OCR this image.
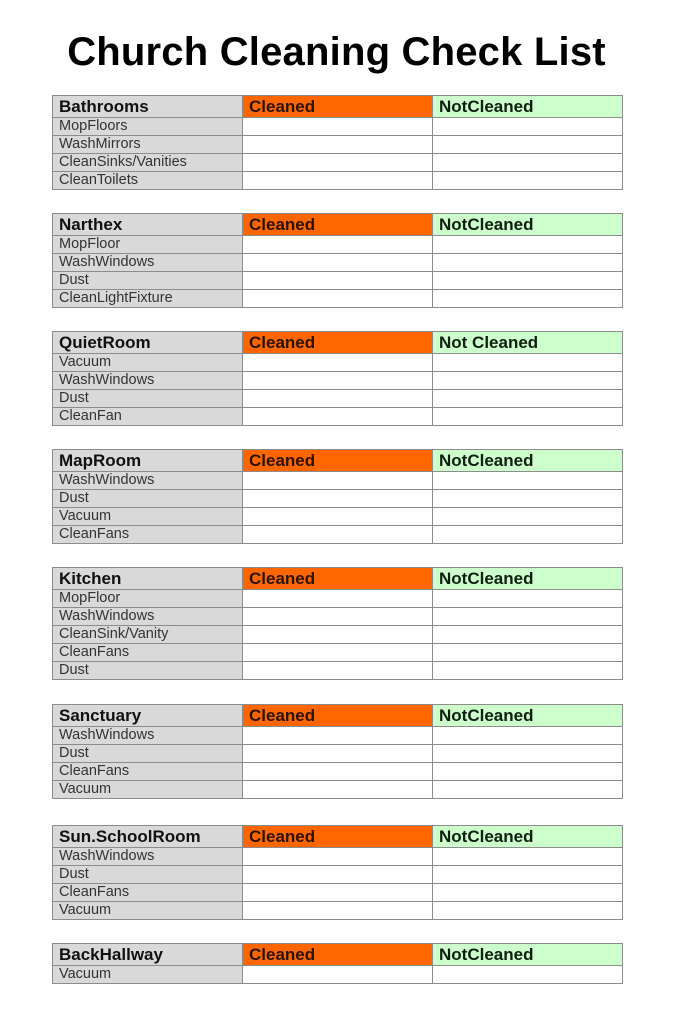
Church Cleaning Check List
Bathrooms	Cleaned	NotCleaned
MopFloors		
WashMirrors		
CleanSinks/Vanities		
CleanToilets		
Narthex	Cleaned	NotCleaned
MopFloor		
WashWindows		
Dust		
CleanLightFixture		
QuietRoom	Cleaned	Not Cleaned
Vacuum		
WashWindows		
Dust		
CleanFan		
MapRoom	Cleaned	NotCleaned
WashWindows		
Dust		
Vacuum		
CleanFans		
Kitchen	Cleaned	NotCleaned
MopFloor		
WashWindows		
CleanSink/Vanity		
CleanFans		
Dust		
Sanctuary	Cleaned	NotCleaned
WashWindows		
Dust		
CleanFans		
Vacuum		
Sun.SchoolRoom	Cleaned	NotCleaned
WashWindows		
Dust		
CleanFans		
Vacuum		
BackHallway	Cleaned	NotCleaned
Vacuum		
